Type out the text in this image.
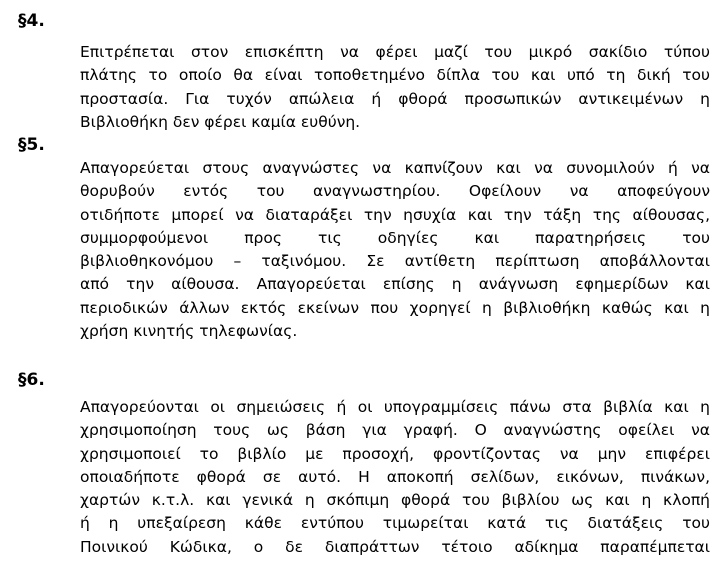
§4.
Επιτρέπεται στον επισκέπτη να φέρει μαζί του μικρό σακίδιο τύπου
πλάτης το οποίο θα είναι τοποθετημένο δίπλα του και υπό τη δική του
προστασία. Για τυχόν απώλεια ή φθορά προσωπικών αντικειμένων η
Βιβλιοθήκη δεν φέρει καμία ευθύνη.
§5.
Απαγορεύεται στους αναγνώστες να καπνίζουν και να συνομιλούν ή να
θορυβούν εντός του αναγνωστηρίου. Οφείλουν να αποφεύγουν
οτιδήποτε μπορεί να διαταράξει την ησυχία και την τάξη της αίθουσας,
συμμορφούμενοι προς τις οδηγίες και παρατηρήσεις του
βιβλιοθηκονόμου – ταξινόμου. Σε αντίθετη περίπτωση αποβάλλονται
από την αίθουσα. Απαγορεύεται επίσης η ανάγνωση εφημερίδων και
περιοδικών άλλων εκτός εκείνων που χορηγεί η βιβλιοθήκη καθώς και η
χρήση κινητής τηλεφωνίας.
§6.
Απαγορεύονται οι σημειώσεις ή οι υπογραμμίσεις πάνω στα βιβλία και η
χρησιμοποίηση τους ως βάση για γραφή. Ο αναγνώστης οφείλει να
χρησιμοποιεί το βιβλίο με προσοχή, φροντίζοντας να μην επιφέρει
οποιαδήποτε φθορά σε αυτό. Η αποκοπή σελίδων, εικόνων, πινάκων,
χαρτών κ.τ.λ. και γενικά η σκόπιμη φθορά του βιβλίου ως και η κλοπή
ή η υπεξαίρεση κάθε εντύπου τιμωρείται κατά τις διατάξεις του
Ποινικού Κώδικα, ο δε διαπράττων τέτοιο αδίκημα παραπέμπεται
